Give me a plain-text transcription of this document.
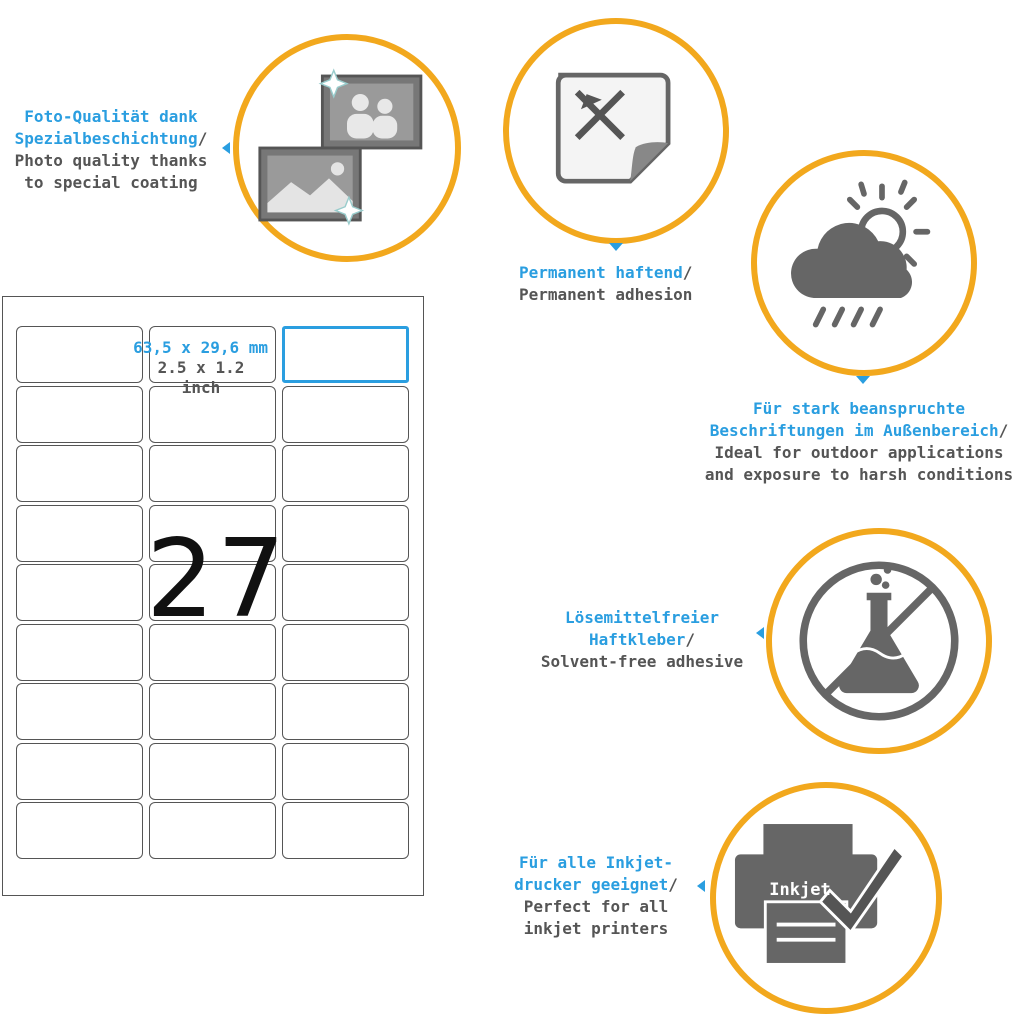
Foto-Qualität dank
Spezialbeschichtung/
Photo quality thanks
to special coating
Permanent haftend/
Permanent adhesion
Für stark beanspruchte
Beschriftungen im Außenbereich/
Ideal for outdoor applications
and exposure to harsh conditions
Lösemittelfreier
Haftkleber/
Solvent-free adhesive
Inkjet
Für alle Inkjet-
drucker geeignet/
Perfect for all
inkjet printers
63,5 x 29,6 mm
2.5 x 1.2 inch
27
